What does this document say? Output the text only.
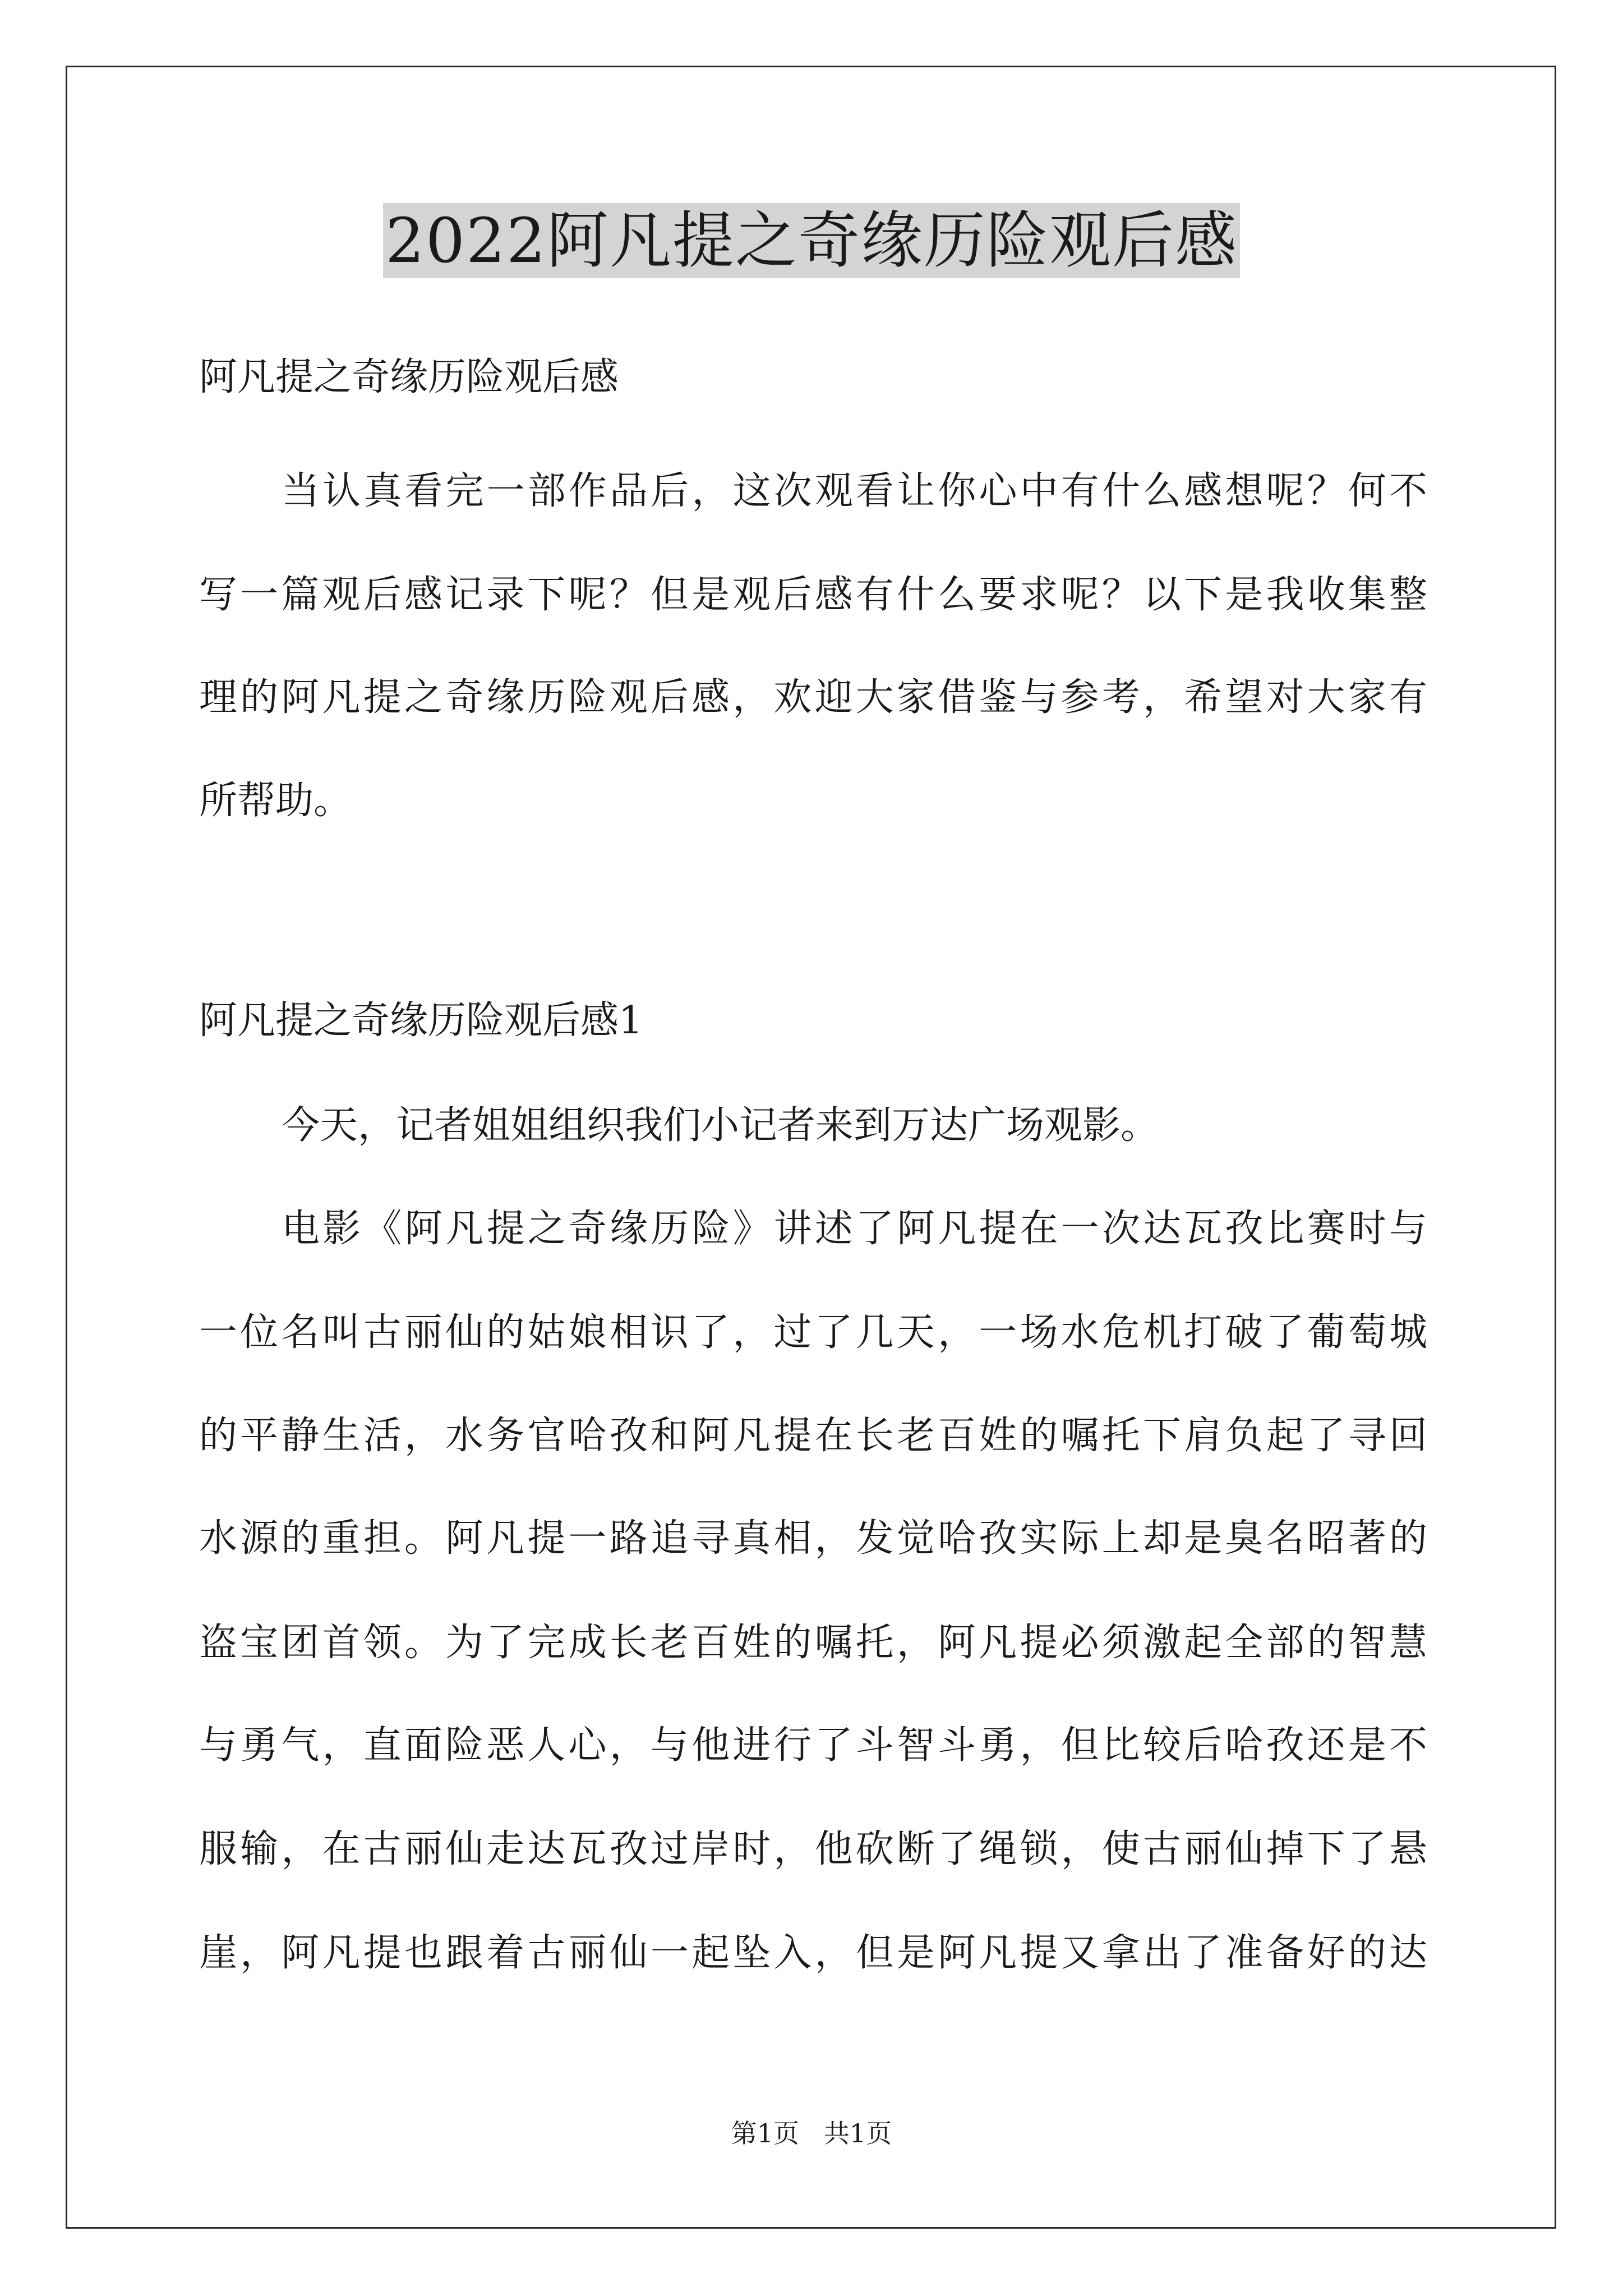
2022阿凡提之奇缘历险观后感
阿凡提之奇缘历险观后感
当认真看完一部作品后，这次观看让你心中有什么感想呢？何不
写一篇观后感记录下呢？但是观后感有什么要求呢？以下是我收集整
理的阿凡提之奇缘历险观后感，欢迎大家借鉴与参考，希望对大家有
所帮助。
阿凡提之奇缘历险观后感1
今天，记者姐姐组织我们小记者来到万达广场观影。
电影《阿凡提之奇缘历险》讲述了阿凡提在一次达瓦孜比赛时与
一位名叫古丽仙的姑娘相识了，过了几天，一场水危机打破了葡萄城
的平静生活，水务官哈孜和阿凡提在长老百姓的嘱托下肩负起了寻回
水源的重担。阿凡提一路追寻真相，发觉哈孜实际上却是臭名昭著的
盗宝团首领。为了完成长老百姓的嘱托，阿凡提必须激起全部的智慧
与勇气，直面险恶人心，与他进行了斗智斗勇，但比较后哈孜还是不
服输，在古丽仙走达瓦孜过岸时，他砍断了绳锁，使古丽仙掉下了悬
崖，阿凡提也跟着古丽仙一起坠入，但是阿凡提又拿出了准备好的达
第1页   共1页
